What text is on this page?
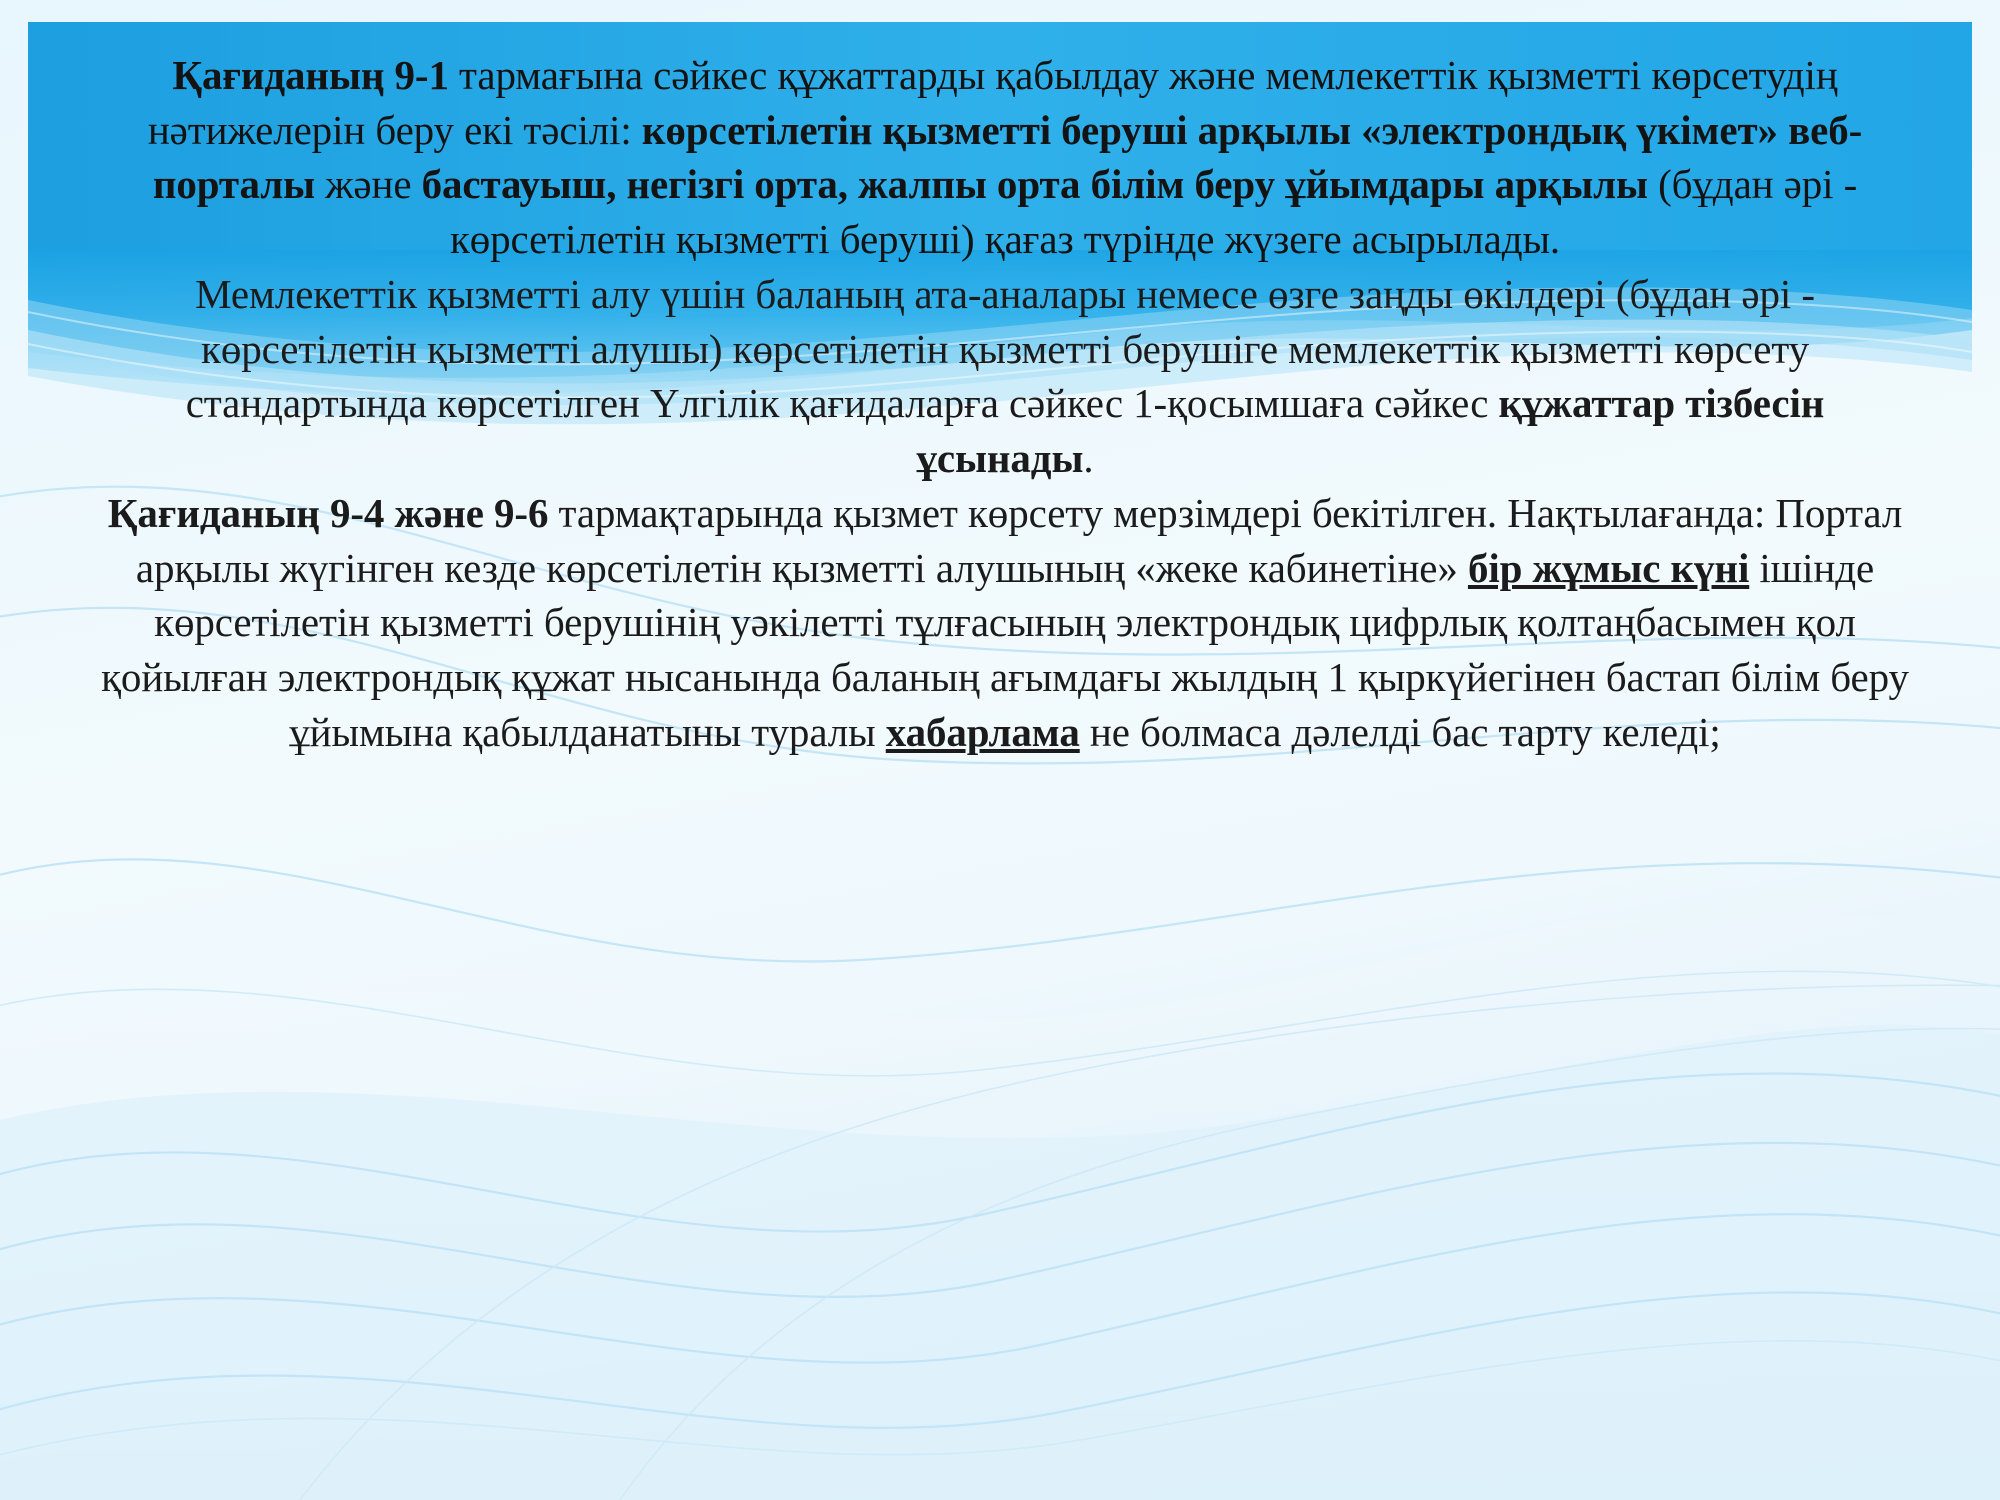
Қағиданың 9-1 тармағына сәйкес құжаттарды қабылдау және мемлекеттік қызметті көрсетудің нәтижелерін беру екі тәсілі: көрсетілетін қызметті беруші арқылы «электрондық үкімет» веб-порталы және бастауыш, негізгі орта, жалпы орта білім беру ұйымдары арқылы (бұдан әрі - көрсетілетін қызметті беруші) қағаз түрінде жүзеге асырылады.

Мемлекеттік қызметті алу үшін баланың ата-аналары немесе өзге заңды өкілдері (бұдан әрі - көрсетілетін қызметті алушы) көрсетілетін қызметті берушіге мемлекеттік қызметті көрсету стандартында көрсетілген Үлгілік қағидаларға сәйкес 1-қосымшаға сәйкес құжаттар тізбесін ұсынады.

Қағиданың 9-4 және 9-6 тармақтарында қызмет көрсету мерзімдері бекітілген. Нақтылағанда: Портал арқылы жүгінген кезде көрсетілетін қызметті алушының «жеке кабинетіне» бір жұмыс күні ішінде көрсетілетін қызметті берушінің уәкілетті тұлғасының электрондық цифрлық қолтаңбасымен қол қойылған электрондық құжат нысанында баланың ағымдағы жылдың 1 қыркүйегінен бастап білім беру ұйымына қабылданатыны туралы хабарлама не болмаса дәлелді бас тарту келеді;
